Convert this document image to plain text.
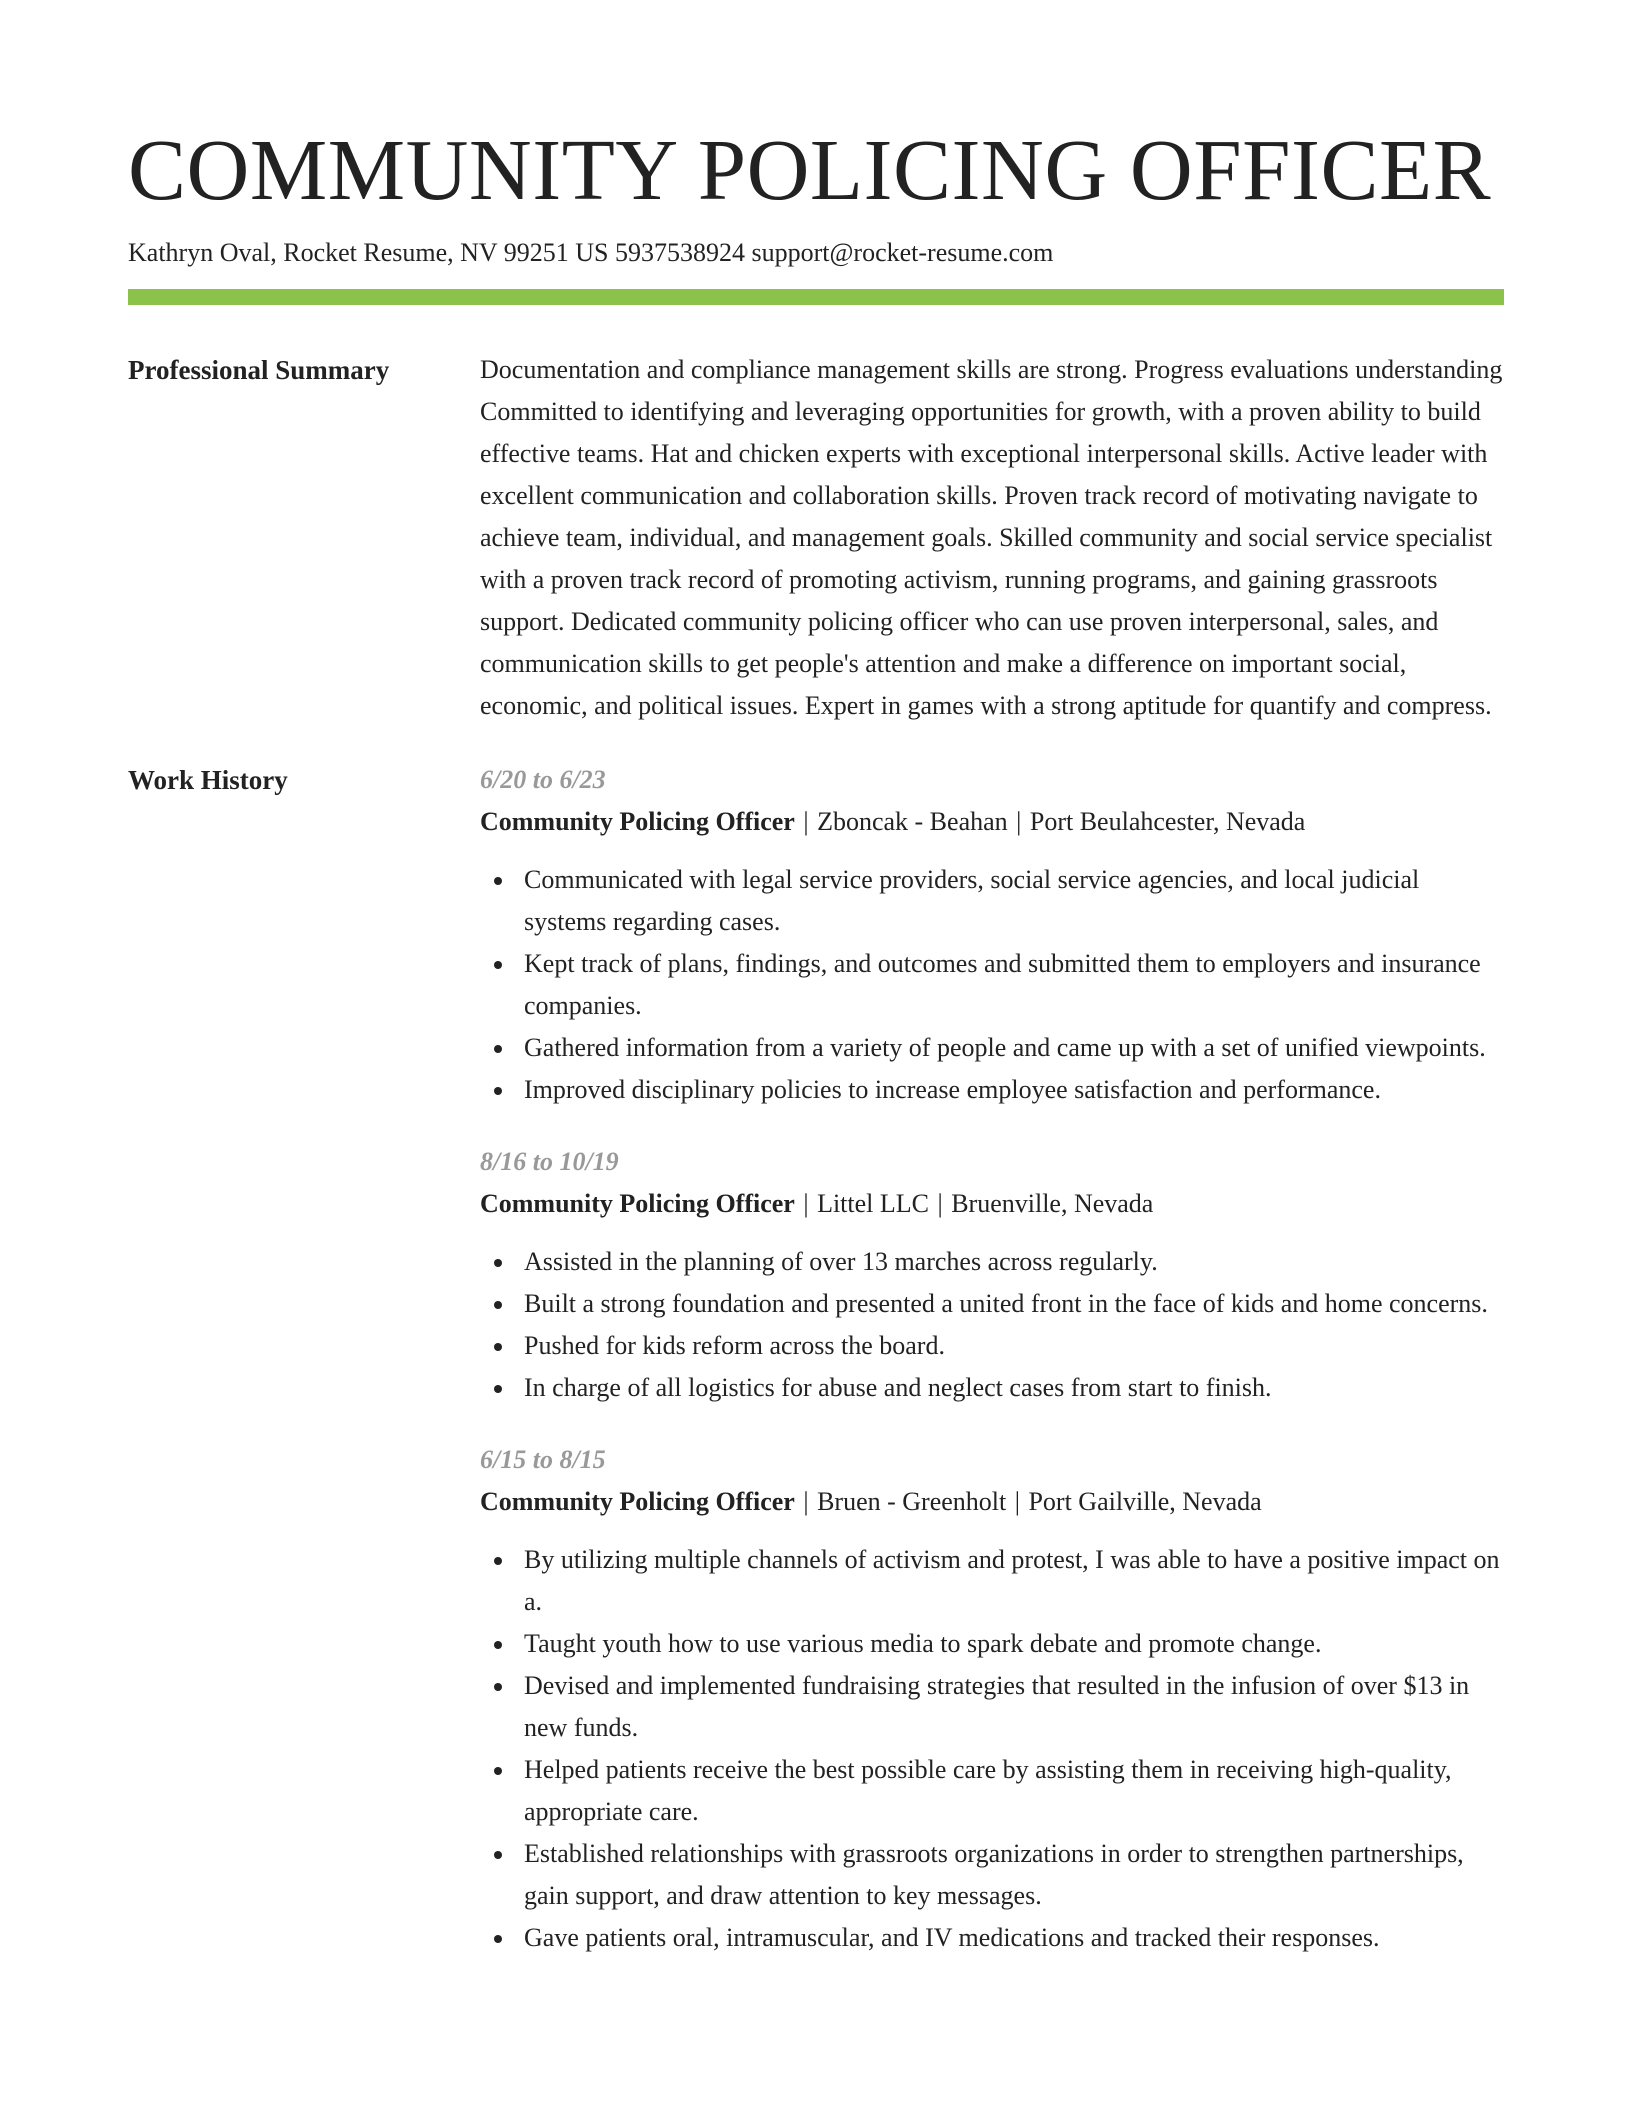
COMMUNITY POLICING OFFICER
Kathryn Oval, Rocket Resume, NV 99251 US 5937538924 support@rocket-resume.com
Professional Summary	Documentation and compliance management skills are strong. Progress evaluations understanding Committed to identifying and leveraging opportunities for growth, with a proven ability to build effective teams. Hat and chicken experts with exceptional interpersonal skills. Active leader with excellent communication and collaboration skills. Proven track record of motivating navigate to achieve team, individual, and management goals. Skilled community and social service specialist with a proven track record of promoting activism, running programs, and gaining grassroots support. Dedicated community policing officer who can use proven interpersonal, sales, and communication skills to get people's attention and make a difference on important social, economic, and political issues. Expert in games with a strong aptitude for quantify and compress.

Work History	6/20 to 6/23
Community Policing Officer | Zboncak - Beahan | Port Beulahcester, Nevada
Communicated with legal service providers, social service agencies, and local judicial systems regarding cases.
Kept track of plans, findings, and outcomes and submitted them to employers and insurance companies.
Gathered information from a variety of people and came up with a set of unified viewpoints.
Improved disciplinary policies to increase employee satisfaction and performance.
8/16 to 10/19
Community Policing Officer | Littel LLC | Bruenville, Nevada
Assisted in the planning of over 13 marches across regularly.
Built a strong foundation and presented a united front in the face of kids and home concerns.
Pushed for kids reform across the board.
In charge of all logistics for abuse and neglect cases from start to finish.
6/15 to 8/15
Community Policing Officer | Bruen - Greenholt | Port Gailville, Nevada
By utilizing multiple channels of activism and protest, I was able to have a positive impact on a.
Taught youth how to use various media to spark debate and promote change.
Devised and implemented fundraising strategies that resulted in the infusion of over $13 in new funds.
Helped patients receive the best possible care by assisting them in receiving high-quality, appropriate care.
Established relationships with grassroots organizations in order to strengthen partnerships, gain support, and draw attention to key messages.
Gave patients oral, intramuscular, and IV medications and tracked their responses.
